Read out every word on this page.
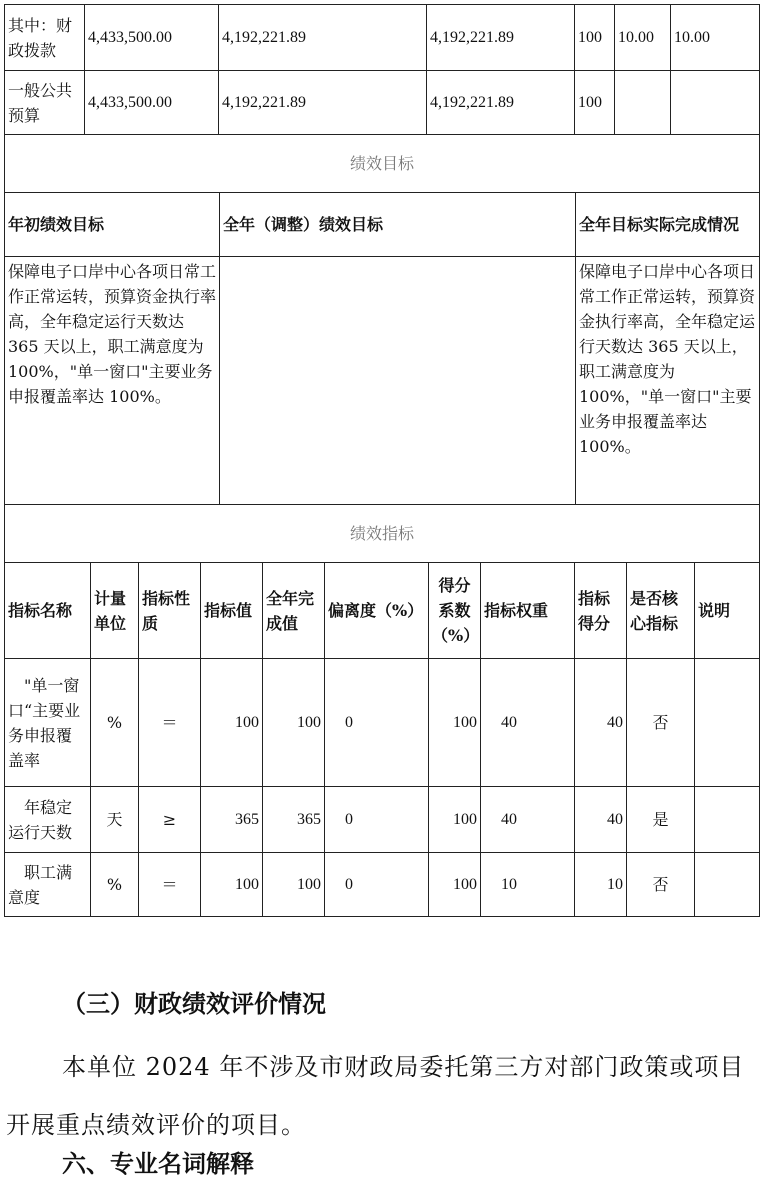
其中：财政拨款	4,433,500.00	4,192,221.89	4,192,221.89	100	10.00	10.00
一般公共预算	4,433,500.00	4,192,221.89	4,192,221.89	100		
绩效目标		
年初绩效目标	全年（调整）绩效目标	全年目标实际完成情况
保障电子口岸中心各项日常工作正常运转，预算资金执行率高，全年稳定运行天数达 365 天以上，职工满意度为 100%，"单一窗口"主要业务申报覆盖率达 100%。		保障电子口岸中心各项日常工作正常运转，预算资金执行率高，全年稳定运行天数达 365 天以上，职工满意度为 100%，"单一窗口"主要业务申报覆盖率达 100%。
绩效指标										
指标名称	计量单位	指标性质	指标值	全年完成值	偏离度（%）	得分系数（%）	指标权重	指标得分	是否核心指标	说明
"单一窗口“主要业务申报覆盖率	%	＝	100	100	0	100	40	40	否	
年稳定运行天数	天	≥	365	365	0	100	40	40	是	
职工满意度	%	＝	100	100	0	100	10	10	否	
（三）财政绩效评价情况
本单位 2024 年不涉及市财政局委托第三方对部门政策或项目开展重点绩效评价的项目。
六、专业名词解释
